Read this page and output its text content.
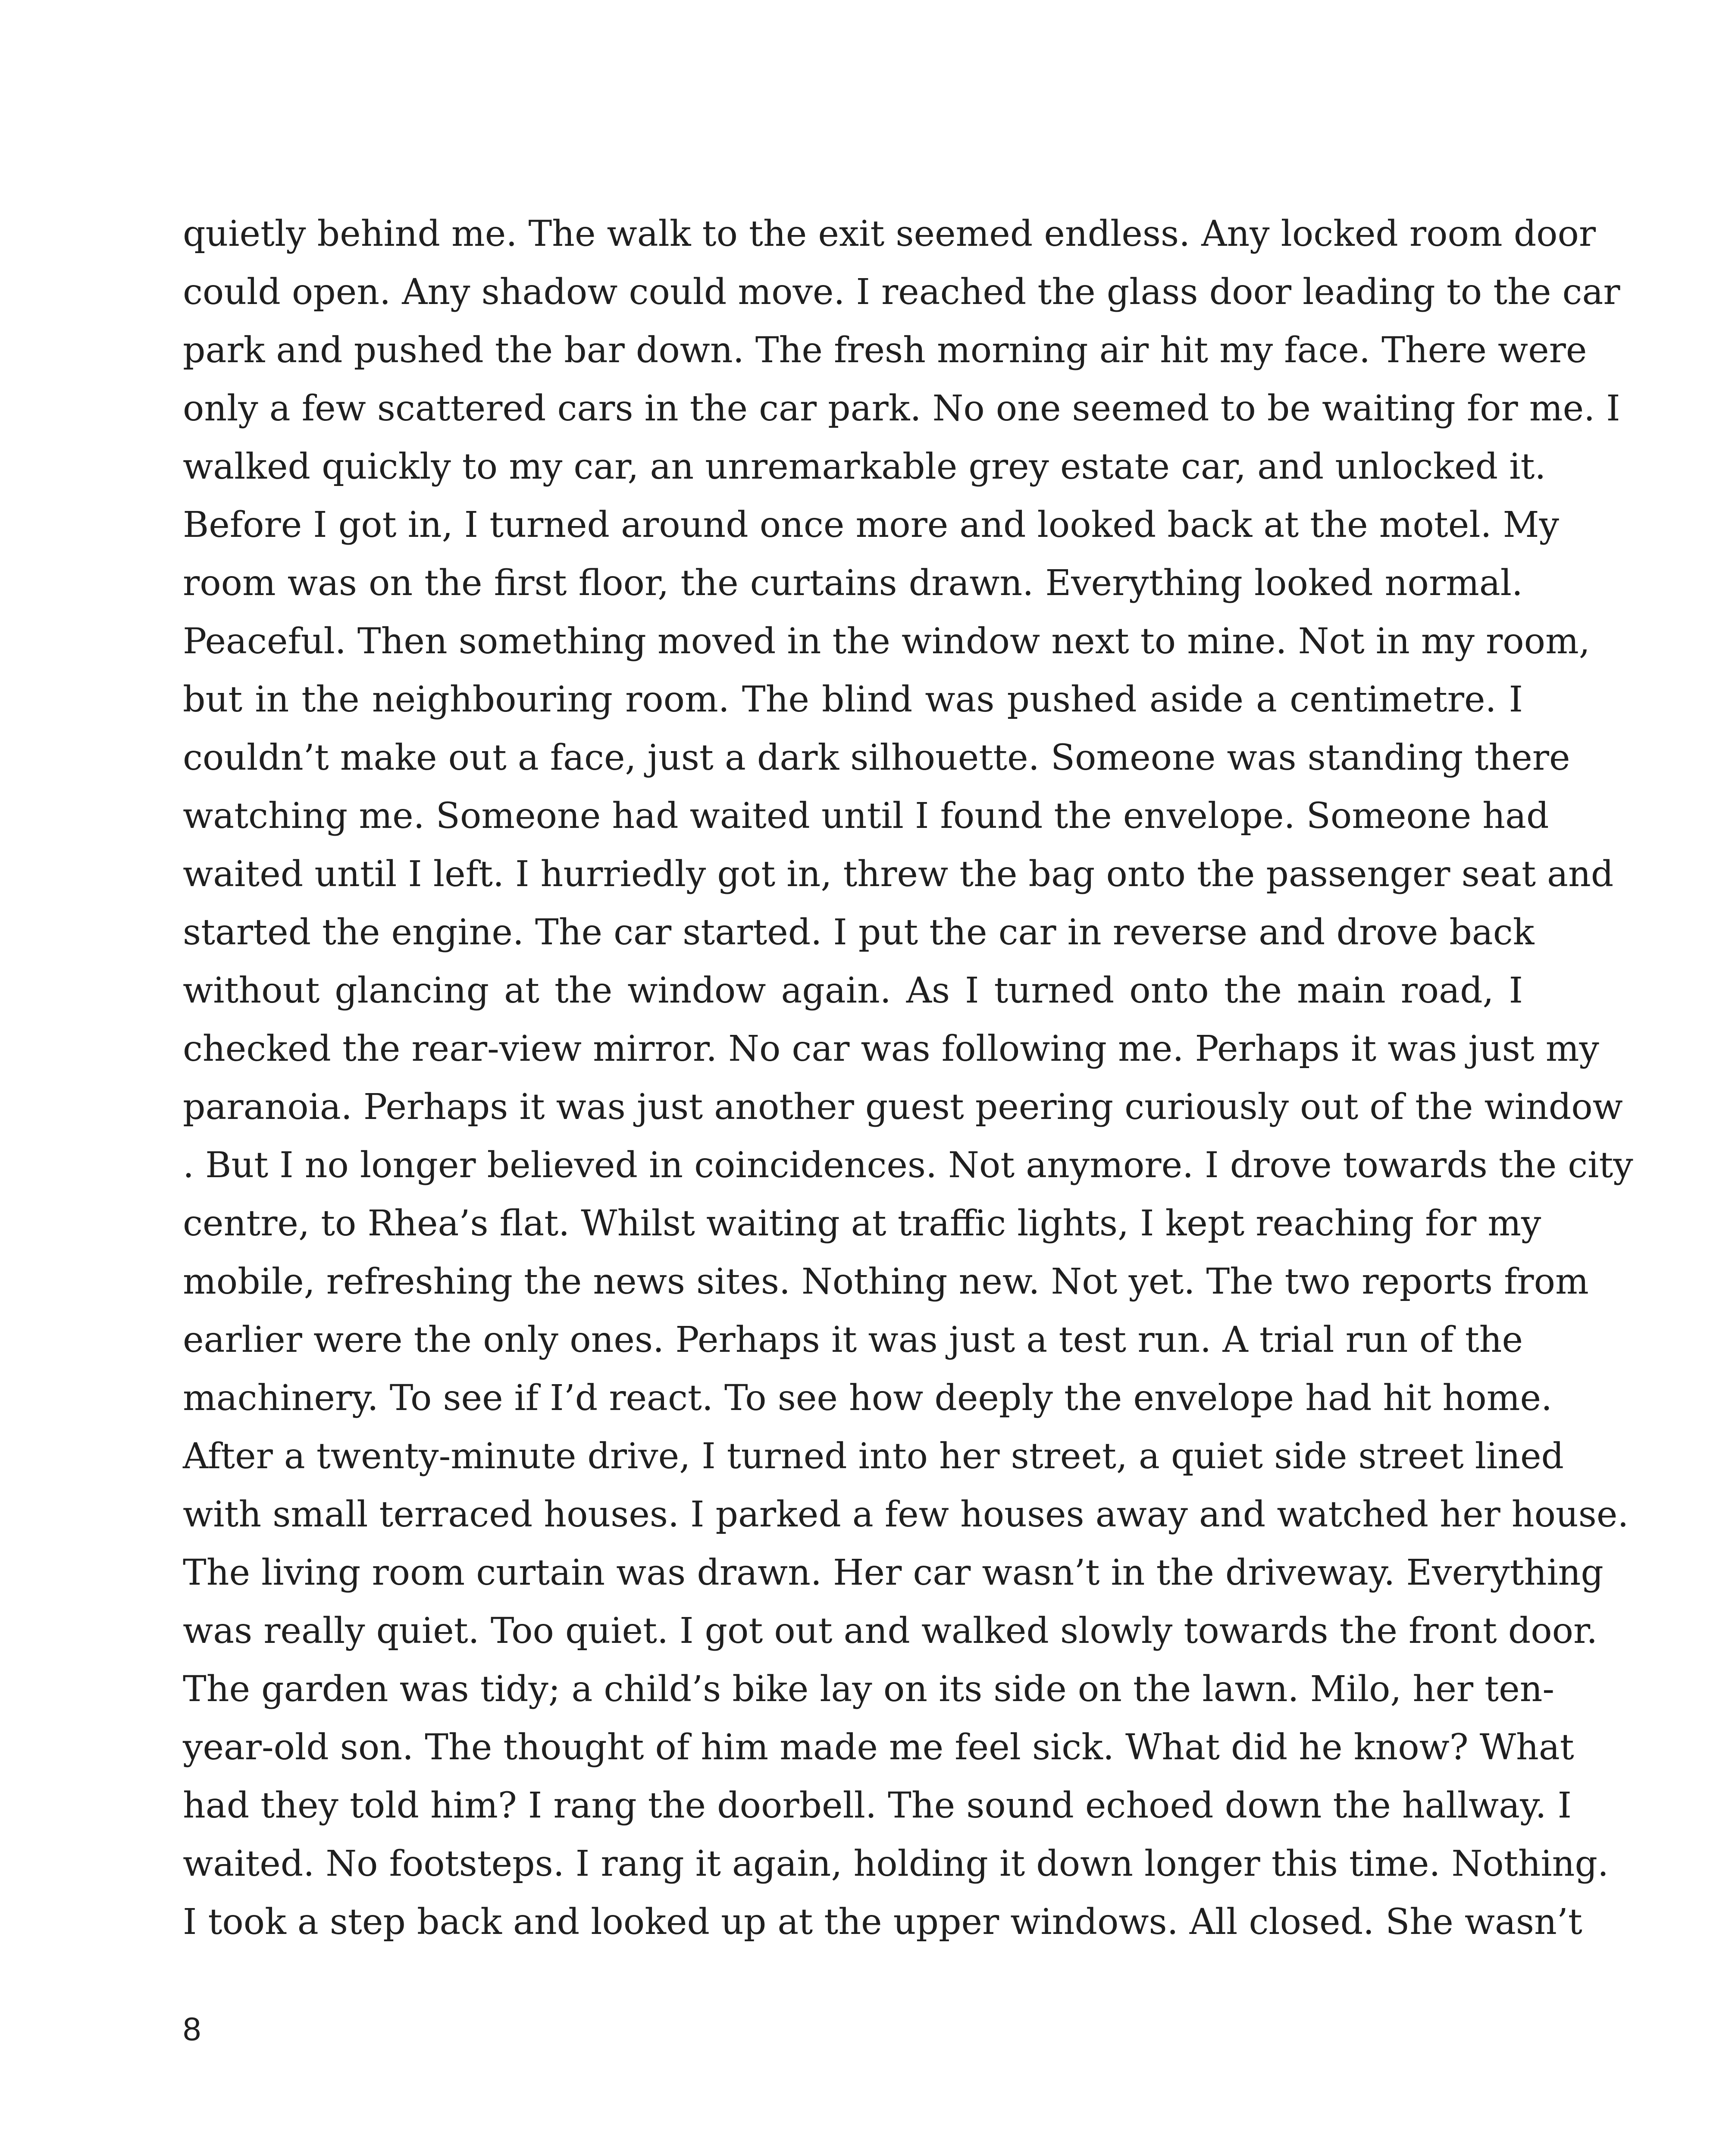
quietly behind me. The walk to the exit seemed endless. Any locked room door
could open. Any shadow could move. I reached the glass door leading to the car
park and pushed the bar down. The fresh morning air hit my face. There were
only a few scattered cars in the car park. No one seemed to be waiting for me. I
walked quickly to my car, an unremarkable grey estate car, and unlocked it.
Before I got in, I turned around once more and looked back at the motel. My
room was on the first floor, the curtains drawn. Everything looked normal.
Peaceful. Then something moved in the window next to mine. Not in my room,
but in the neighbouring room. The blind was pushed aside a centimetre. I
couldn’t make out a face, just a dark silhouette. Someone was standing there
watching me. Someone had waited until I found the envelope. Someone had
waited until I left. I hurriedly got in, threw the bag onto the passenger seat and
started the engine. The car started. I put the car in reverse and drove back
without glancing at the window again. As I turned onto the main road, I
checked the rear-view mirror. No car was following me. Perhaps it was just my
paranoia. Perhaps it was just another guest peering curiously out of the window
. But I no longer believed in coincidences. Not anymore. I drove towards the city
centre, to Rhea’s flat. Whilst waiting at traffic lights, I kept reaching for my
mobile, refreshing the news sites. Nothing new. Not yet. The two reports from
earlier were the only ones. Perhaps it was just a test run. A trial run of the
machinery. To see if I’d react. To see how deeply the envelope had hit home.
After a twenty-minute drive, I turned into her street, a quiet side street lined
with small terraced houses. I parked a few houses away and watched her house.
The living room curtain was drawn. Her car wasn’t in the driveway. Everything
was really quiet. Too quiet. I got out and walked slowly towards the front door.
The garden was tidy; a child’s bike lay on its side on the lawn. Milo, her ten-
year-old son. The thought of him made me feel sick. What did he know? What
had they told him? I rang the doorbell. The sound echoed down the hallway. I
waited. No footsteps. I rang it again, holding it down longer this time. Nothing.
I took a step back and looked up at the upper windows. All closed. She wasn’t
8
